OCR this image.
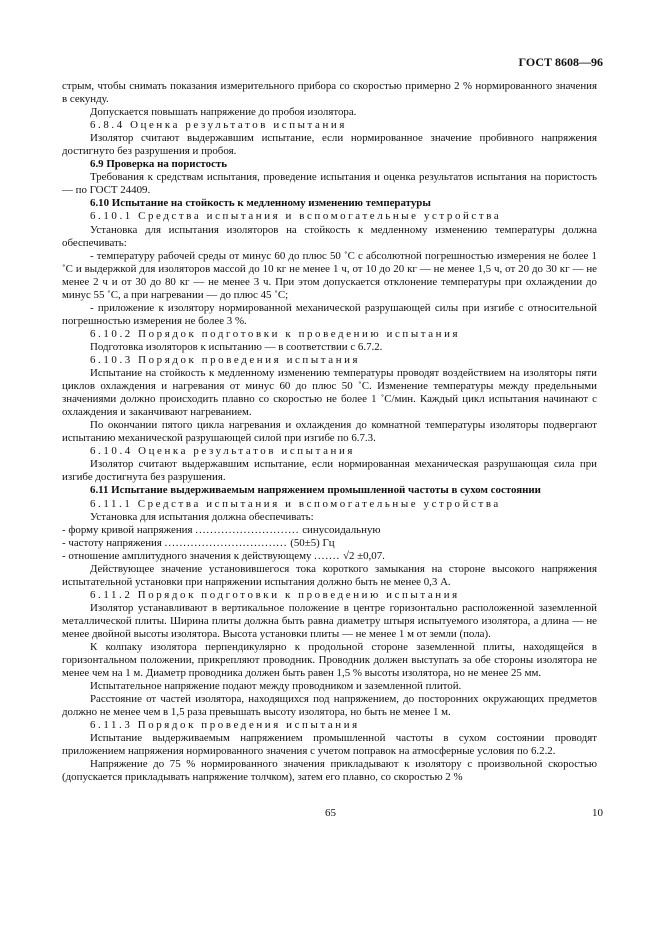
ГОСТ 8608—96

стрым, чтобы снимать показания измерительного прибора со скоростью примерно 2 % нормированного значения в секунду.

Допускается повышать напряжение до пробоя изолятора.

6.8.4 Оценка результатов испытания

Изолятор считают выдержавшим испытание, если нормированное значение пробивного напряжения достигнуто без разрушения и пробоя.

6.9 Проверка на пористость

Требования к средствам испытания, проведение испытания и оценка результатов испытания на пористость — по ГОСТ 24409.

6.10 Испытание на стойкость к медленному изменению температуры

6.10.1 Средства испытания и вспомогательные устройства

Установка для испытания изоляторов на стойкость к медленному изменению температуры должна обеспечивать:

- температуру рабочей среды от минус 60 до плюс 50 ˚С с абсолютной погрешностью измерения не более 1 ˚С и выдержкой для изоляторов массой до 10 кг не менее 1 ч, от 10 до 20 кг — не менее 1,5 ч, от 20 до 30 кг — не менее 2 ч и от 30 до 80 кг — не менее 3 ч. При этом допускается отклонение температуры при охлаждении до минус 55 ˚С, а при нагревании — до плюс 45 ˚С;

- приложение к изолятору нормированной механической разрушающей силы при изгибе с относительной погрешностью измерения не более 3 %.

6.10.2 Порядок подготовки к проведению испытания

Подготовка изоляторов к испытанию — в соответствии с 6.7.2.

6.10.3 Порядок проведения испытания

Испытание на стойкость к медленному изменению температуры проводят воздействием на изоляторы пяти циклов охлаждения и нагревания от минус 60 до плюс 50 ˚С. Изменение температуры между предельными значениями должно происходить плавно со скоростью не более 1 ˚С/мин. Каждый цикл испытания начинают с охлаждения и заканчивают нагреванием.

По окончании пятого цикла нагревания и охлаждения до комнатной температуры изоляторы подвергают испытанию механической разрушающей силой при изгибе по 6.7.3.

6.10.4 Оценка результатов испытания

Изолятор считают выдержавшим испытание, если нормированная механическая разрушающая сила при изгибе достигнута без разрушения.

6.11 Испытание выдерживаемым напряжением промышленной частоты в сухом состоянии

6.11.1 Средства испытания и вспомогательные устройства

Установка для испытания должна обеспечивать:

- форму кривой напряжения ............................ синусоидальную
- частоту напряжения ................................. (50±5) Гц
- отношение амплитудного значения к действующему ....... √2 ±0,07.

Действующее значение установившегося тока короткого замыкания на стороне высокого напряжения испытательной установки при напряжении испытания должно быть не менее 0,3 А.

6.11.2 Порядок подготовки к проведению испытания

Изолятор устанавливают в вертикальное положение в центре горизонтально расположенной заземленной металлической плиты. Ширина плиты должна быть равна диаметру штыря испытуемого изолятора, а длина — не менее двойной высоты изолятора. Высота установки плиты — не менее 1 м от земли (пола).

К колпаку изолятора перпендикулярно к продольной стороне заземленной плиты, находящейся в горизонтальном положении, прикрепляют проводник. Проводник должен выступать за обе стороны изолятора не менее чем на 1 м. Диаметр проводника должен быть равен 1,5 % высоты изолятора, но не менее 25 мм.

Испытательное напряжение подают между проводником и заземленной плитой.

Расстояние от частей изолятора, находящихся под напряжением, до посторонних окружающих предметов должно не менее чем в 1,5 раза превышать высоту изолятора, но быть не менее 1 м.

6.11.3 Порядок проведения испытания

Испытание выдерживаемым напряжением промышленной частоты в сухом состоянии проводят приложением напряжения нормированного значения с учетом поправок на атмосферные условия по 6.2.2.

Напряжение до 75 % нормированного значения прикладывают к изолятору с произвольной скоростью (допускается прикладывать напряжение толчком), затем его плавно, со скоростью 2 %

65	10
